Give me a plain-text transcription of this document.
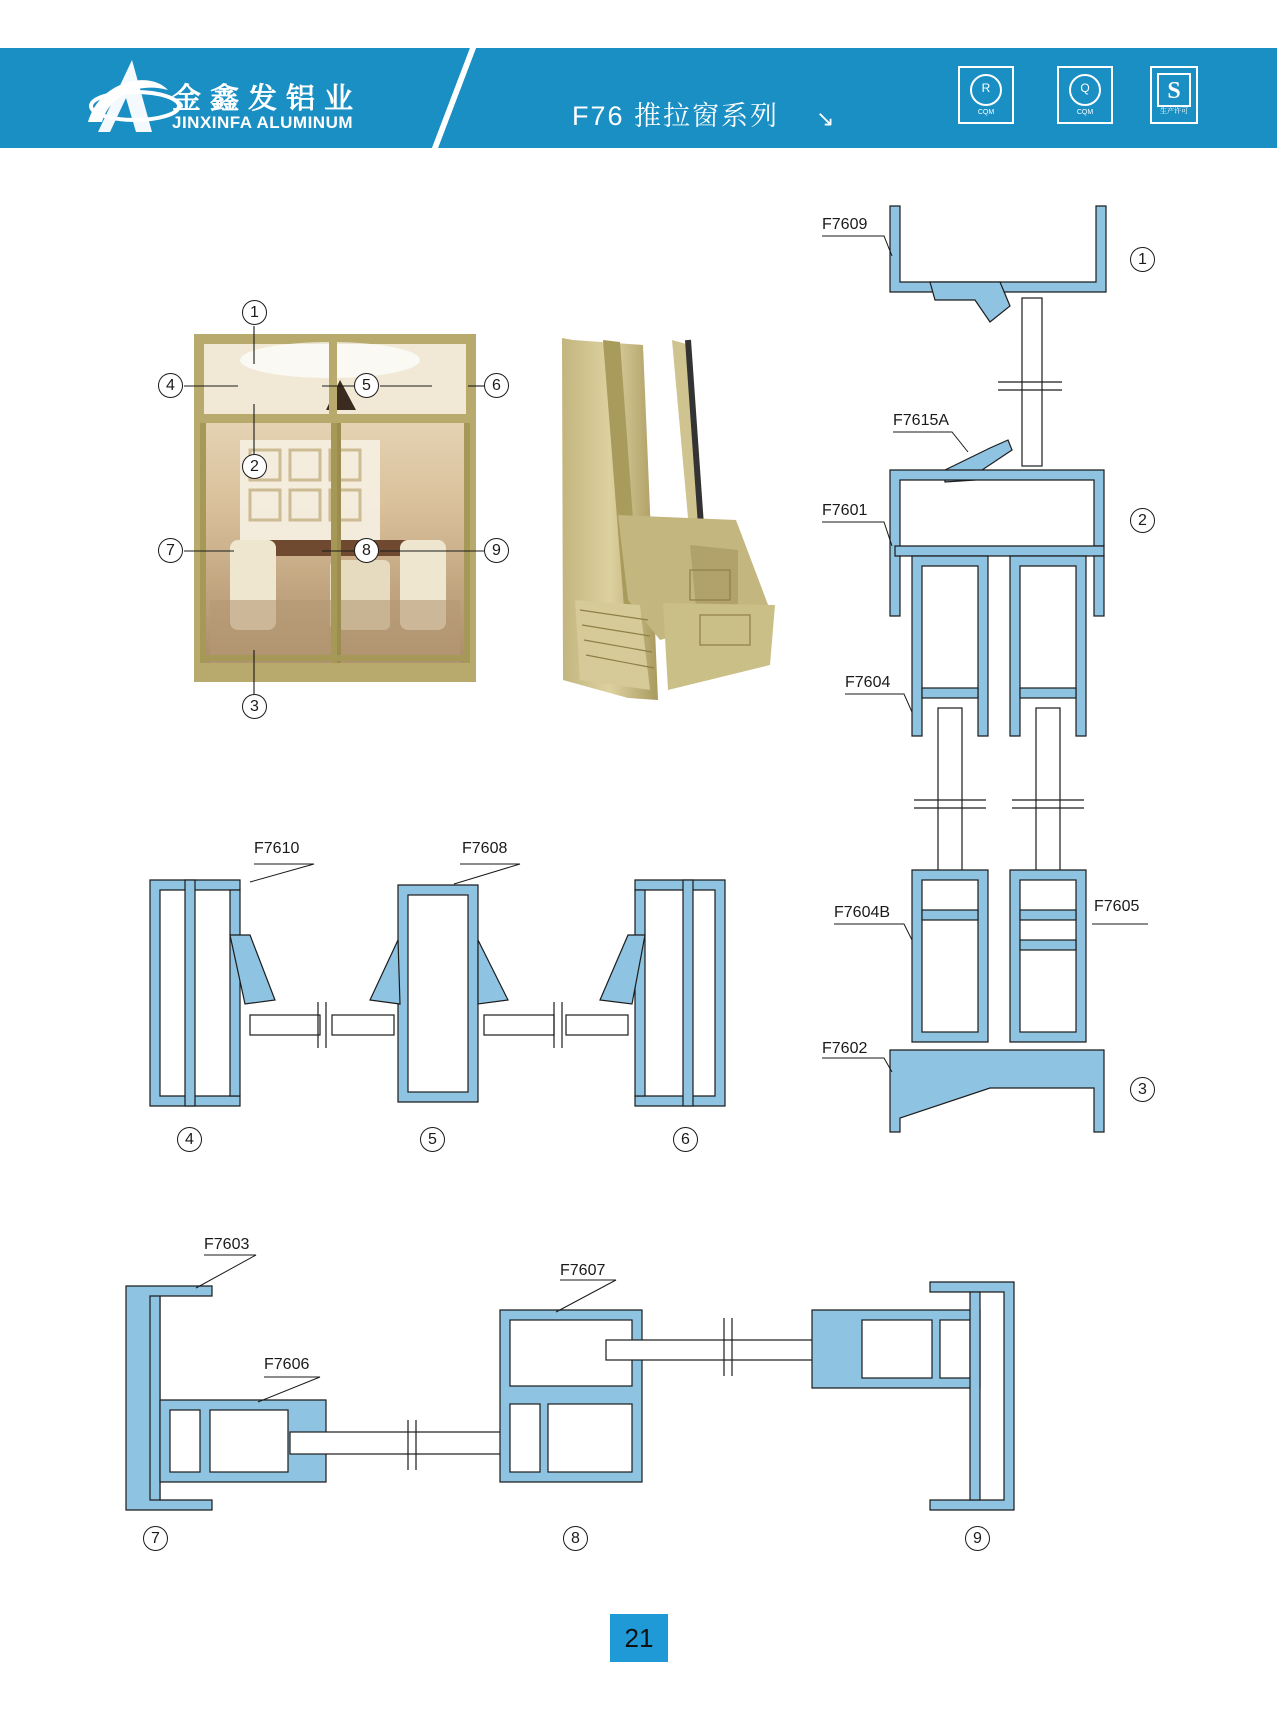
金鑫发铝业
JINXINFA ALUMINUM	F76 推拉窗系列 ↘
R
CQM
Q
CQM
S
生产许可
F7609
F7615A
F7601
F7604
F7604B	F7605
F7602
F7610	F7608
F7603
F7607
F7606
1
2
3
4	5	6
7	8	9
1
2
3
4	5	6
7	8	9
21
